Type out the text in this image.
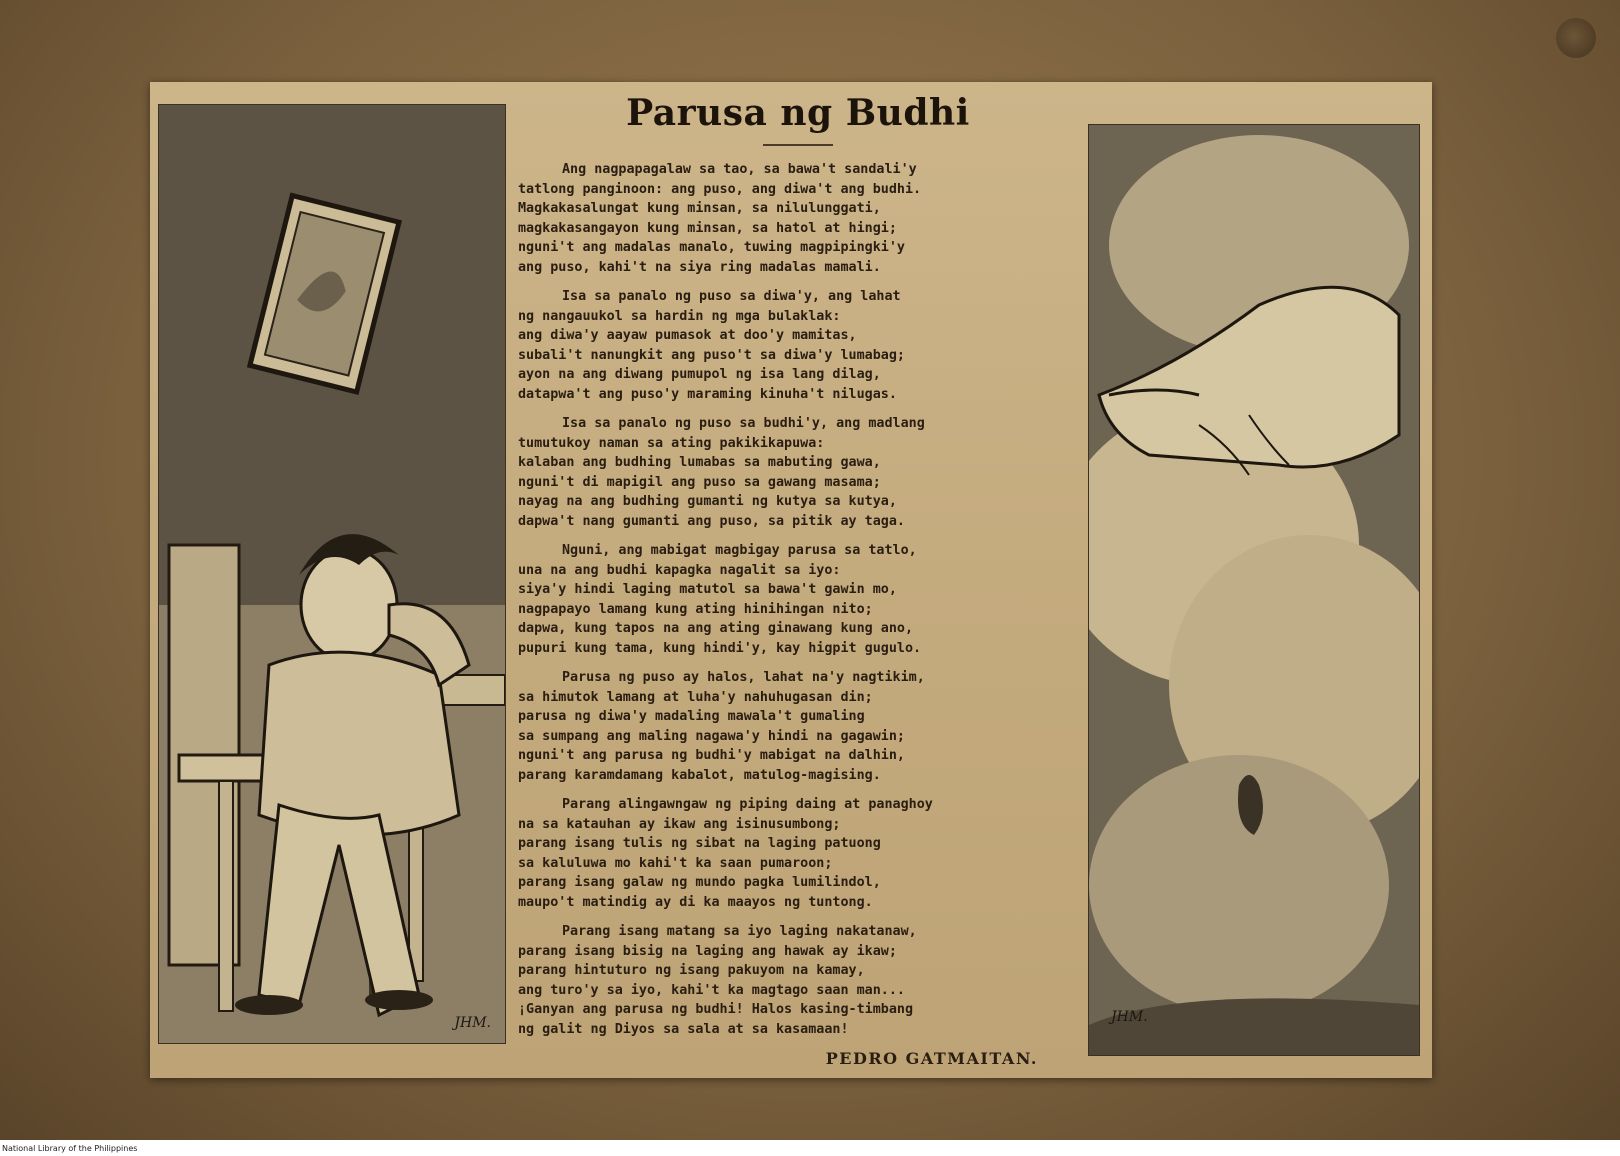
JHM.
Parusa ng Budhi
Ang nagpapagalaw sa tao, sa bawa't sandali'y
tatlong panginoon: ang puso, ang diwa't ang budhi.
Magkakasalungat kung minsan, sa nilulunggati,
magkakasangayon kung minsan, sa hatol at hingi;
nguni't ang madalas manalo, tuwing magpipingki'y
ang puso, kahi't na siya ring madalas mamali.
Isa sa panalo ng puso sa diwa'y, ang lahat
ng nangauukol sa hardin ng mga bulaklak:
ang diwa'y aayaw pumasok at doo'y mamitas,
subali't nanungkit ang puso't sa diwa'y lumabag;
ayon na ang diwang pumupol ng isa lang dilag,
datapwa't ang puso'y maraming kinuha't nilugas.
Isa sa panalo ng puso sa budhi'y, ang madlang
tumutukoy naman sa ating pakikikapuwa:
kalaban ang budhing lumabas sa mabuting gawa,
nguni't di mapigil ang puso sa gawang masama;
nayag na ang budhing gumanti ng kutya sa kutya,
dapwa't nang gumanti ang puso, sa pitik ay taga.
Nguni, ang mabigat magbigay parusa sa tatlo,
una na ang budhi kapagka nagalit sa iyo:
siya'y hindi laging matutol sa bawa't gawin mo,
nagpapayo lamang kung ating hinihingan nito;
dapwa, kung tapos na ang ating ginawang kung ano,
pupuri kung tama, kung hindi'y, kay higpit gugulo.
Parusa ng puso ay halos, lahat na'y nagtikim,
sa himutok lamang at luha'y nahuhugasan din;
parusa ng diwa'y madaling mawala't gumaling
sa sumpang ang maling nagawa'y hindi na gagawin;
nguni't ang parusa ng budhi'y mabigat na dalhin,
parang karamdamang kabalot, matulog-magising.
Parang alingawngaw ng piping daing at panaghoy
na sa katauhan ay ikaw ang isinusumbong;
parang isang tulis ng sibat na laging patuong
sa kaluluwa mo kahi't ka saan pumaroon;
parang isang galaw ng mundo pagka lumilindol,
maupo't matindig ay di ka maayos ng tuntong.
Parang isang matang sa iyo laging nakatanaw,
parang isang bisig na laging ang hawak ay ikaw;
parang hintuturo ng isang pakuyom na kamay,
ang turo'y sa iyo, kahi't ka magtago saan man...
¡Ganyan ang parusa ng budhi! Halos kasing-timbang
ng galit ng Diyos sa sala at sa kasamaan!
PEDRO GATMAITAN.
JHM.
National Library of the Philippines
